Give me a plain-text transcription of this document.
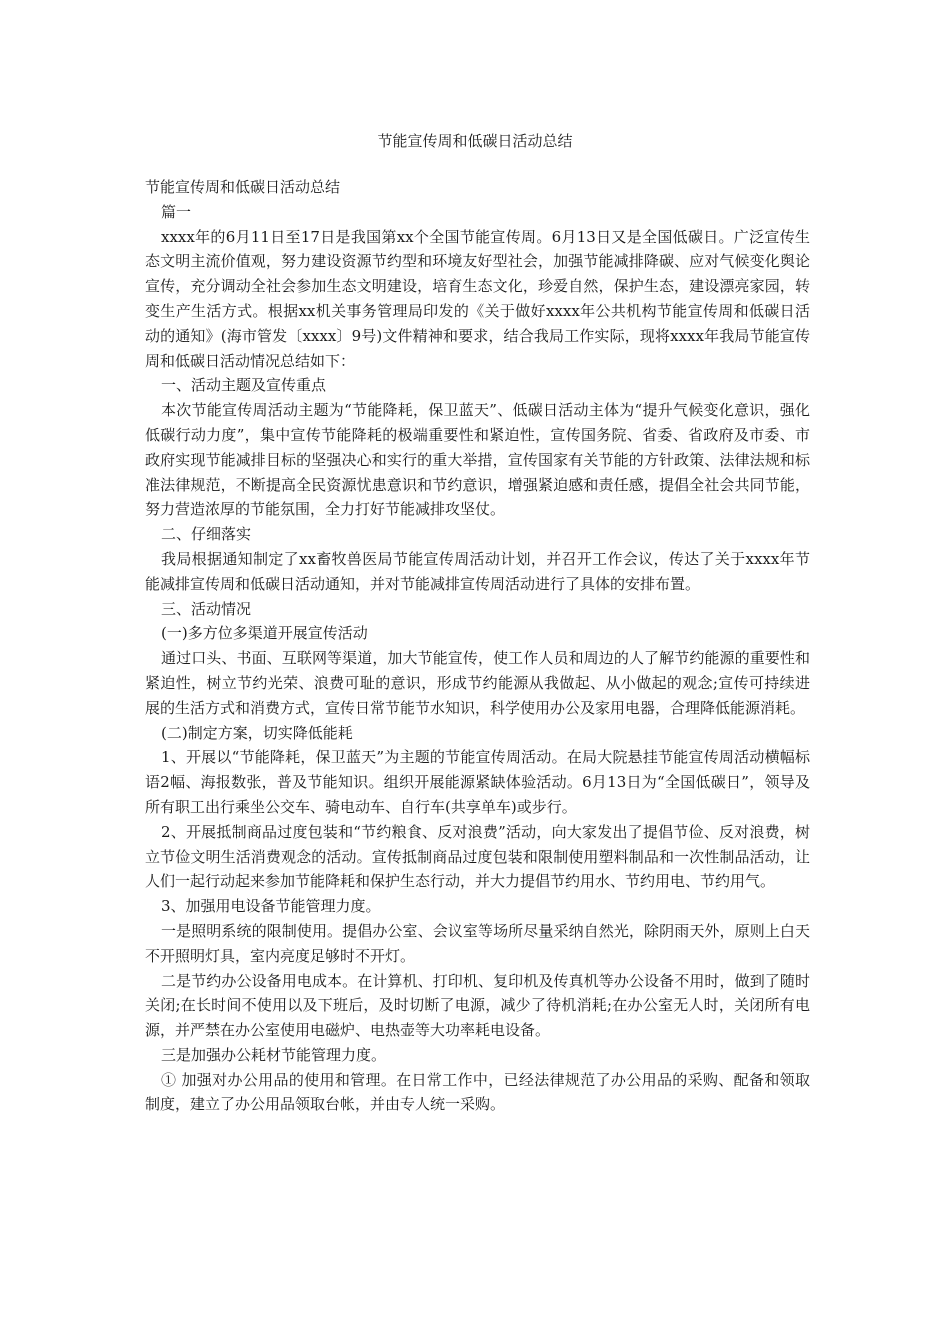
节能宣传周和低碳日活动总结

节能宣传周和低碳日活动总结

篇一

xxxx年的6月11日至17日是我国第xx个全国节能宣传周。6月13日又是全国低碳日。广泛宣传生态文明主流价值观，努力建设资源节约型和环境友好型社会，加强节能减排降碳、应对气候变化舆论宣传，充分调动全社会参加生态文明建设，培育生态文化，珍爱自然，保护生态，建设漂亮家园，转变生产生活方式。根据xx机关事务管理局印发的《关于做好xxxx年公共机构节能宣传周和低碳日活动的通知》(海市管发〔xxxx〕9号)文件精神和要求，结合我局工作实际，现将xxxx年我局节能宣传周和低碳日活动情况总结如下：

一、活动主题及宣传重点

本次节能宣传周活动主题为“节能降耗，保卫蓝天”、低碳日活动主体为“提升气候变化意识，强化低碳行动力度”，集中宣传节能降耗的极端重要性和紧迫性，宣传国务院、省委、省政府及市委、市政府实现节能减排目标的坚强决心和实行的重大举措，宣传国家有关节能的方针政策、法律法规和标准法律规范，不断提高全民资源忧患意识和节约意识，增强紧迫感和责任感，提倡全社会共同节能，努力营造浓厚的节能氛围，全力打好节能减排攻坚仗。

二、仔细落实

我局根据通知制定了xx畜牧兽医局节能宣传周活动计划，并召开工作会议，传达了关于xxxx年节能减排宣传周和低碳日活动通知，并对节能减排宣传周活动进行了具体的安排布置。

三、活动情况

(一)多方位多渠道开展宣传活动

通过口头、书面、互联网等渠道，加大节能宣传，使工作人员和周边的人了解节约能源的重要性和紧迫性，树立节约光荣、浪费可耻的意识，形成节约能源从我做起、从小做起的观念;宣传可持续进展的生活方式和消费方式，宣传日常节能节水知识，科学使用办公及家用电器，合理降低能源消耗。

(二)制定方案，切实降低能耗

1、开展以“节能降耗，保卫蓝天”为主题的节能宣传周活动。在局大院悬挂节能宣传周活动横幅标语2幅、海报数张，普及节能知识。组织开展能源紧缺体验活动。6月13日为“全国低碳日”，领导及所有职工出行乘坐公交车、骑电动车、自行车(共享单车)或步行。

2、开展抵制商品过度包装和“节约粮食、反对浪费”活动，向大家发出了提倡节俭、反对浪费，树立节俭文明生活消费观念的活动。宣传抵制商品过度包装和限制使用塑料制品和一次性制品活动，让人们一起行动起来参加节能降耗和保护生态行动，并大力提倡节约用水、节约用电、节约用气。

3、加强用电设备节能管理力度。

一是照明系统的限制使用。提倡办公室、会议室等场所尽量采纳自然光，除阴雨天外，原则上白天不开照明灯具，室内亮度足够时不开灯。

二是节约办公设备用电成本。在计算机、打印机、复印机及传真机等办公设备不用时，做到了随时关闭;在长时间不使用以及下班后，及时切断了电源，减少了待机消耗;在办公室无人时，关闭所有电源，并严禁在办公室使用电磁炉、电热壶等大功率耗电设备。

三是加强办公耗材节能管理力度。

① 加强对办公用品的使用和管理。在日常工作中，已经法律规范了办公用品的采购、配备和领取制度，建立了办公用品领取台帐，并由专人统一采购。
